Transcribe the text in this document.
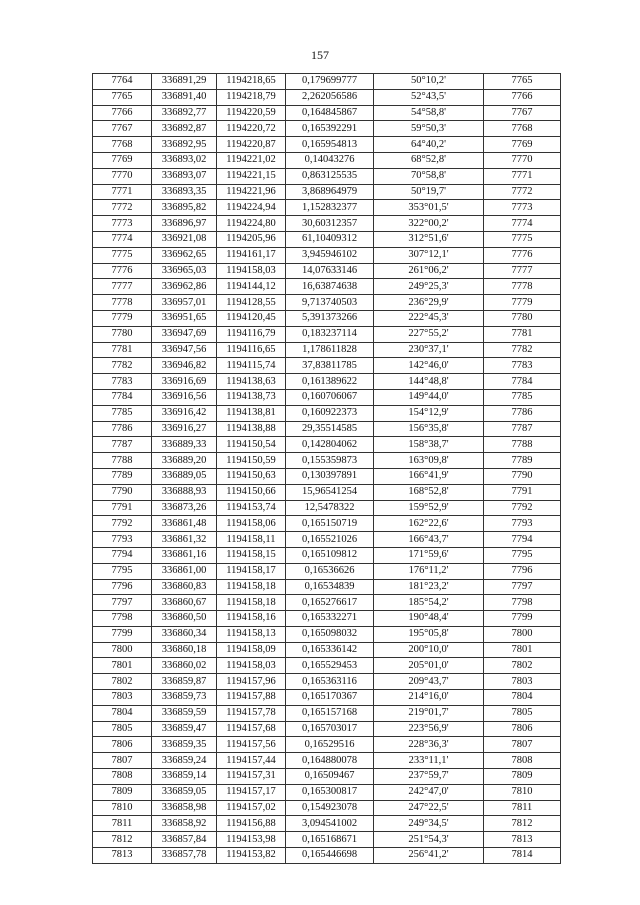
157
7764	336891,29	1194218,65	0,179699777	50°10,2'	7765
7765	336891,40	1194218,79	2,262056586	52°43,5'	7766
7766	336892,77	1194220,59	0,164845867	54°58,8'	7767
7767	336892,87	1194220,72	0,165392291	59°50,3'	7768
7768	336892,95	1194220,87	0,165954813	64°40,2'	7769
7769	336893,02	1194221,02	0,14043276	68°52,8'	7770
7770	336893,07	1194221,15	0,863125535	70°58,8'	7771
7771	336893,35	1194221,96	3,868964979	50°19,7'	7772
7772	336895,82	1194224,94	1,152832377	353°01,5'	7773
7773	336896,97	1194224,80	30,60312357	322°00,2'	7774
7774	336921,08	1194205,96	61,10409312	312°51,6'	7775
7775	336962,65	1194161,17	3,945946102	307°12,1'	7776
7776	336965,03	1194158,03	14,07633146	261°06,2'	7777
7777	336962,86	1194144,12	16,63874638	249°25,3'	7778
7778	336957,01	1194128,55	9,713740503	236°29,9'	7779
7779	336951,65	1194120,45	5,391373266	222°45,3'	7780
7780	336947,69	1194116,79	0,183237114	227°55,2'	7781
7781	336947,56	1194116,65	1,178611828	230°37,1'	7782
7782	336946,82	1194115,74	37,83811785	142°46,0'	7783
7783	336916,69	1194138,63	0,161389622	144°48,8'	7784
7784	336916,56	1194138,73	0,160706067	149°44,0'	7785
7785	336916,42	1194138,81	0,160922373	154°12,9'	7786
7786	336916,27	1194138,88	29,35514585	156°35,8'	7787
7787	336889,33	1194150,54	0,142804062	158°38,7'	7788
7788	336889,20	1194150,59	0,155359873	163°09,8'	7789
7789	336889,05	1194150,63	0,130397891	166°41,9'	7790
7790	336888,93	1194150,66	15,96541254	168°52,8'	7791
7791	336873,26	1194153,74	12,5478322	159°52,9'	7792
7792	336861,48	1194158,06	0,165150719	162°22,6'	7793
7793	336861,32	1194158,11	0,165521026	166°43,7'	7794
7794	336861,16	1194158,15	0,165109812	171°59,6'	7795
7795	336861,00	1194158,17	0,16536626	176°11,2'	7796
7796	336860,83	1194158,18	0,16534839	181°23,2'	7797
7797	336860,67	1194158,18	0,165276617	185°54,2'	7798
7798	336860,50	1194158,16	0,165332271	190°48,4'	7799
7799	336860,34	1194158,13	0,165098032	195°05,8'	7800
7800	336860,18	1194158,09	0,165336142	200°10,0'	7801
7801	336860,02	1194158,03	0,165529453	205°01,0'	7802
7802	336859,87	1194157,96	0,165363116	209°43,7'	7803
7803	336859,73	1194157,88	0,165170367	214°16,0'	7804
7804	336859,59	1194157,78	0,165157168	219°01,7'	7805
7805	336859,47	1194157,68	0,165703017	223°56,9'	7806
7806	336859,35	1194157,56	0,16529516	228°36,3'	7807
7807	336859,24	1194157,44	0,164880078	233°11,1'	7808
7808	336859,14	1194157,31	0,16509467	237°59,7'	7809
7809	336859,05	1194157,17	0,165300817	242°47,0'	7810
7810	336858,98	1194157,02	0,154923078	247°22,5'	7811
7811	336858,92	1194156,88	3,094541002	249°34,5'	7812
7812	336857,84	1194153,98	0,165168671	251°54,3'	7813
7813	336857,78	1194153,82	0,165446698	256°41,2'	7814
